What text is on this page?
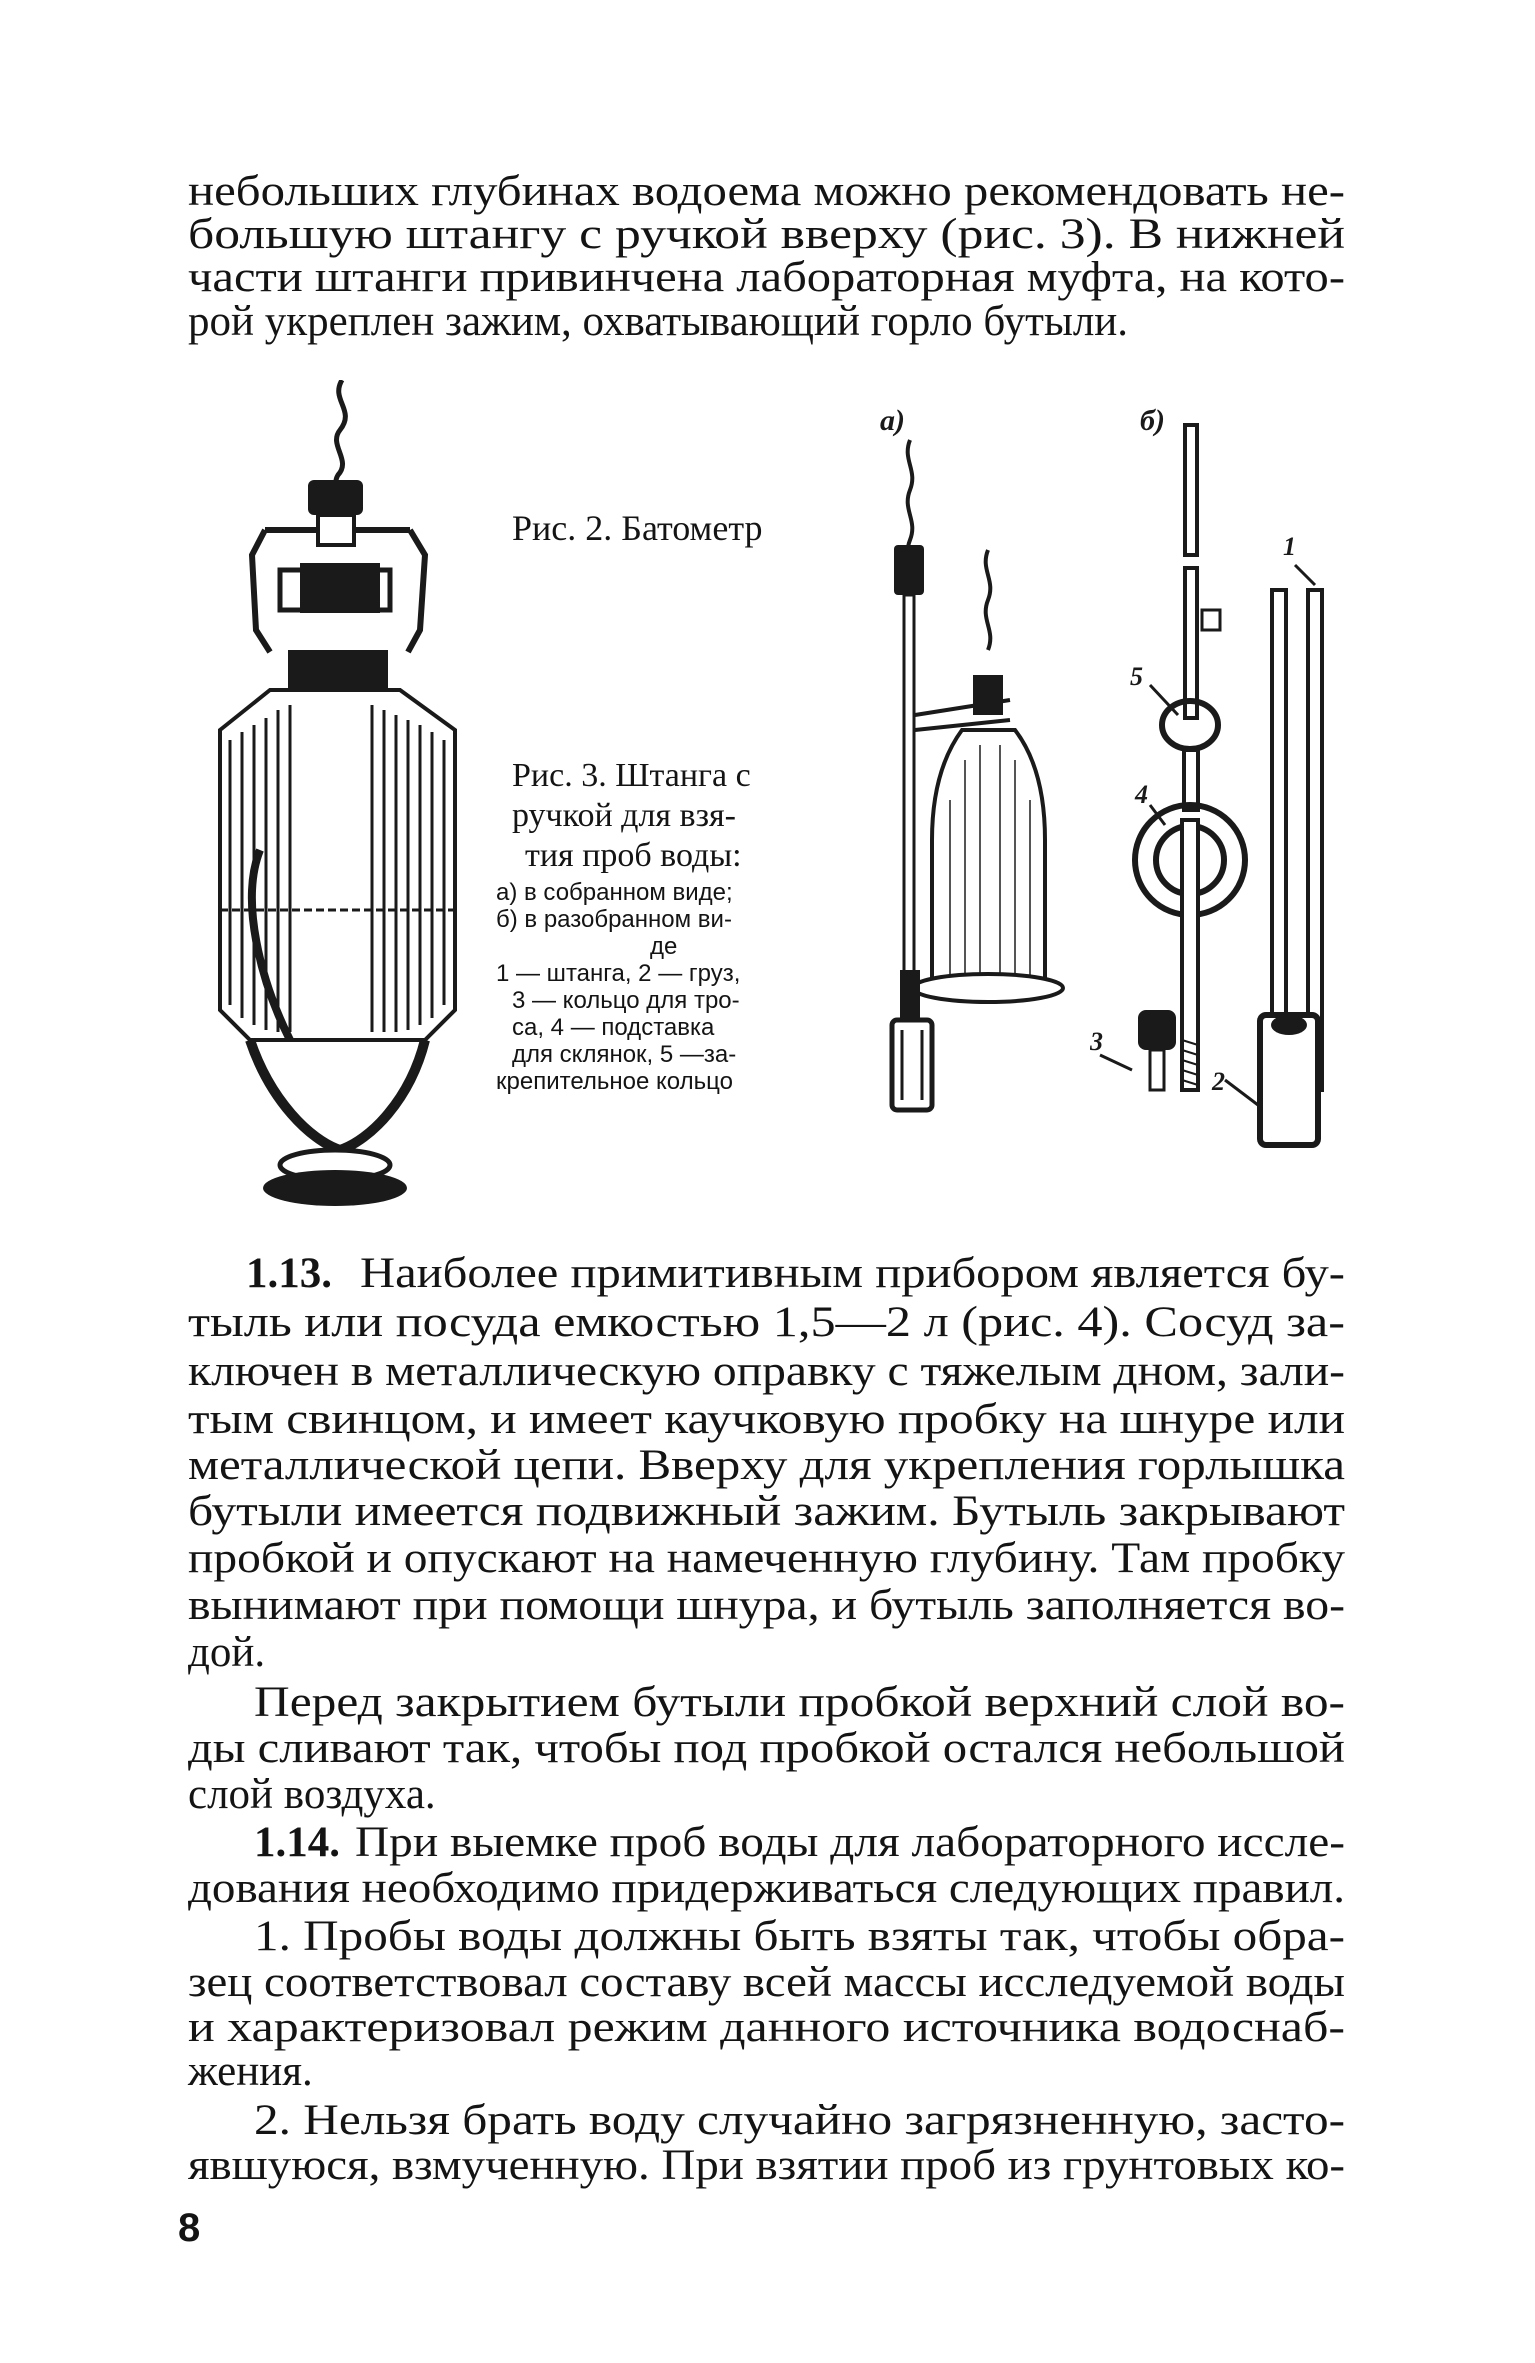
небольших глубинах водоема можно рекомендовать не-
большую штангу с ручкой вверху (рис. 3). В нижней
части штанги привинчена лабораторная муфта, на кото-
рой укреплен зажим, охватывающий горло бутыли.
Рис. 2. Батометр
Рис. 3. Штанга с
ручкой для взя-
тия проб воды:
а) в собранном виде;
б) в разобранном ви-
де
1 — штанга, 2 — груз,
3 — кольцо для тро-
са, 4 — подставка
для склянок, 5 —за-
крепительное кольцо
а)	б)
1
5
4
3
2
1.13. Наиболее примитивным прибором является бу-
тыль или посуда емкостью 1,5—2 л (рис. 4). Сосуд за-
ключен в металлическую оправку с тяжелым дном, зали-
тым свинцом, и имеет каучковую пробку на шнуре или
металлической цепи. Вверху для укрепления горлышка
бутыли имеется подвижный зажим. Бутыль закрывают
пробкой и опускают на намеченную глубину. Там пробку
вынимают при помощи шнура, и бутыль заполняется во-
дой.
Перед закрытием бутыли пробкой верхний слой во-
ды сливают так, чтобы под пробкой остался небольшой
слой воздуха.
1.14. При выемке проб воды для лабораторного иссле-
дования необходимо придерживаться следующих правил.
1. Пробы воды должны быть взяты так, чтобы обра-
зец соответствовал составу всей массы исследуемой воды
и характеризовал режим данного источника водоснаб-
жения.
2. Нельзя брать воду случайно загрязненную, засто-
явшуюся, взмученную. При взятии проб из грунтовых ко-
8
